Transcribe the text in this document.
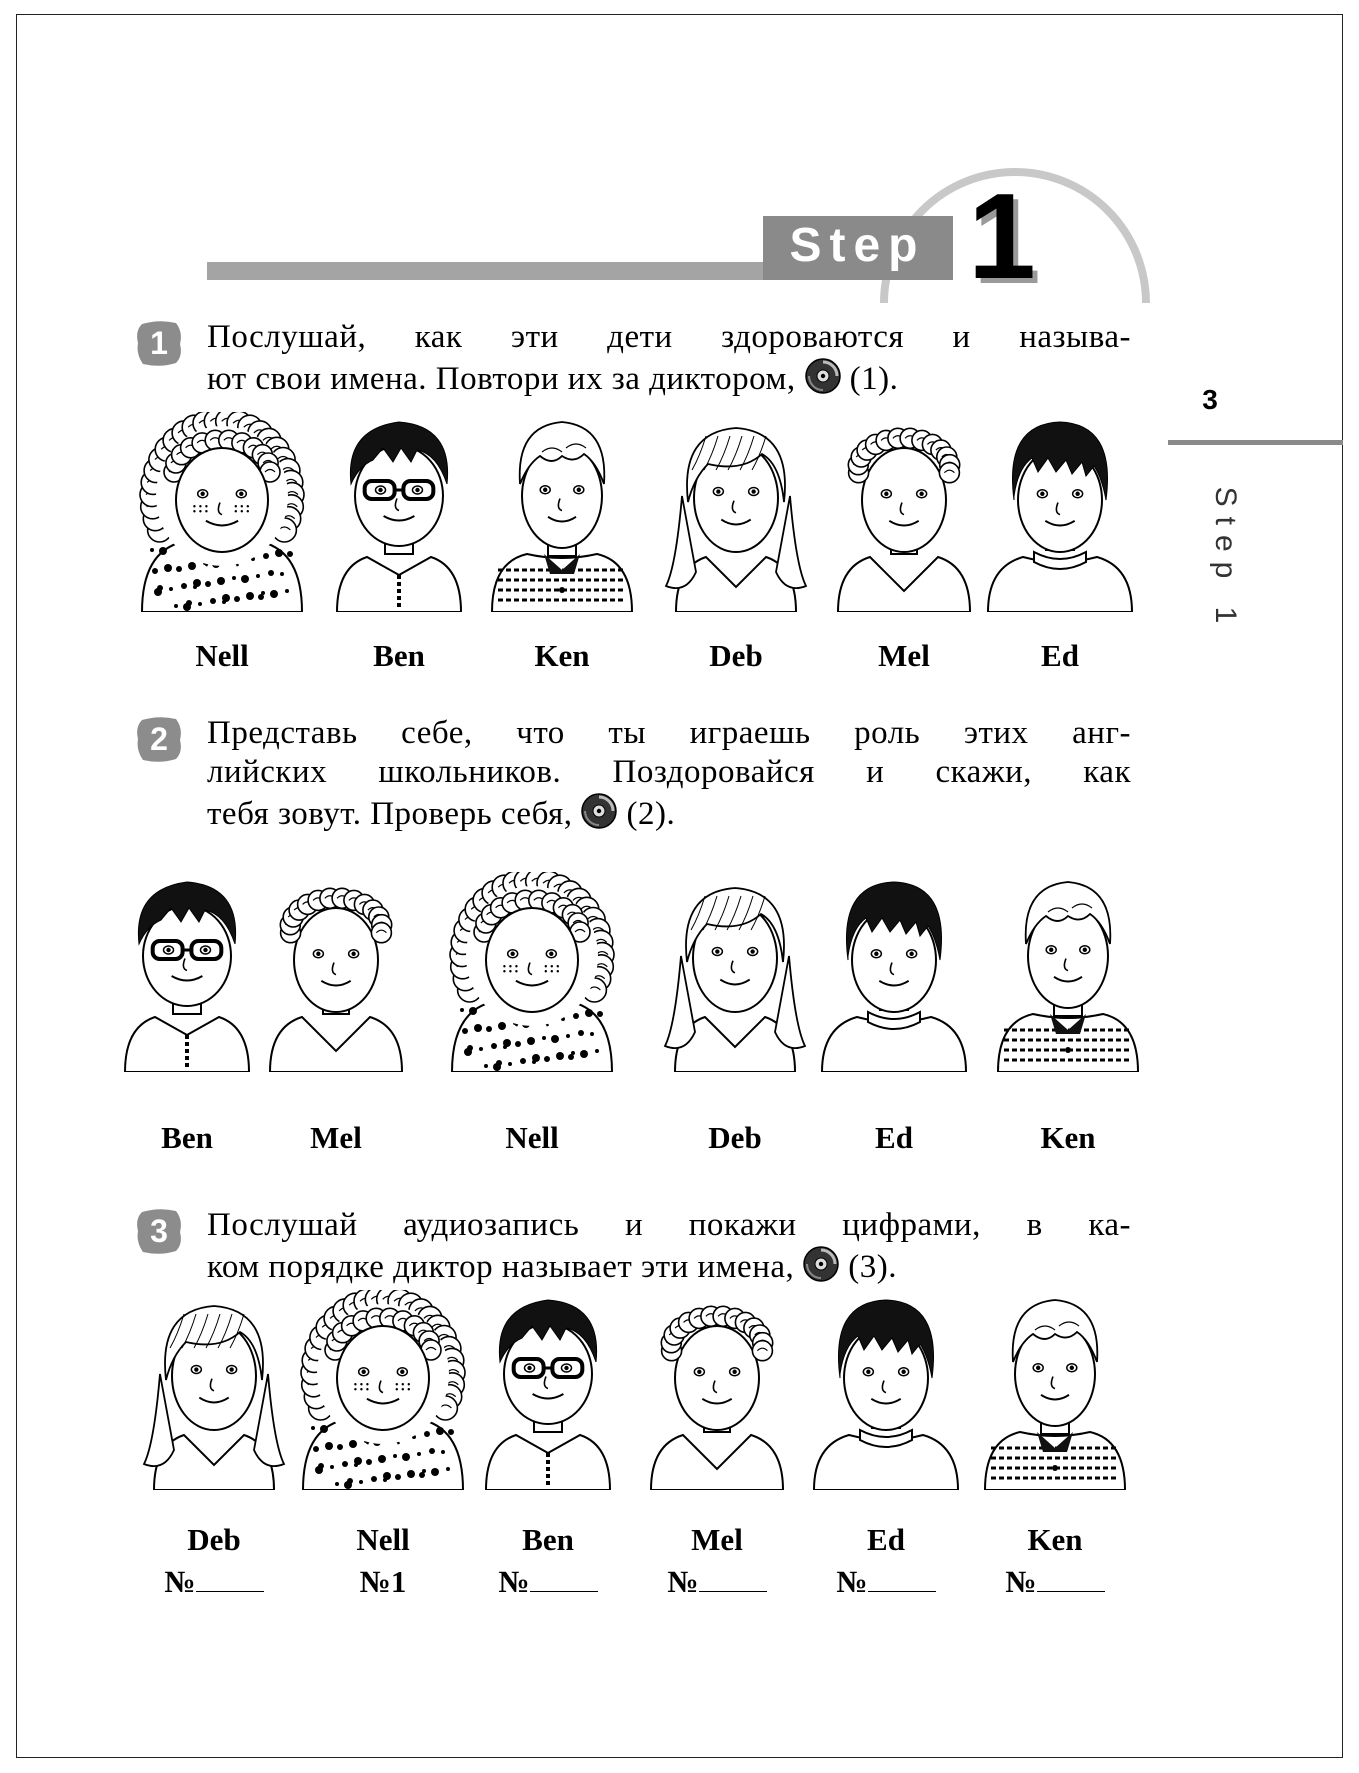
Step 1
3
Step 1
1	Послушай, как эти дети здороваются и называ-
ют свои имена. Повтори их за диктором, (1).
2	Представь себе, что ты играешь роль этих анг-
лийских школьников. Поздоровайся и скажи, как
тебя зовут. Проверь себя, (2).
3	Послушай аудиозапись и покажи цифрами, в ка-
ком порядке диктор называет эти имена, (3).
Nell	Ben	Ken	Deb	Mel	Ed
Ben	Mel	Nell	Deb	Ed	Ken
Deb
№
Nell
№1
Ben
№
Mel
№
Ed
№
Ken
№
